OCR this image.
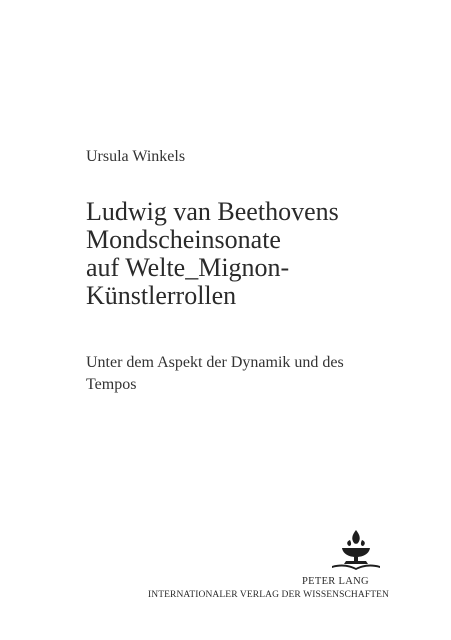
Ursula Winkels
Ludwig van Beethovens
Mondscheinsonate
auf Welte_Mignon-
Künstlerrollen
Unter dem Aspekt der Dynamik und des
Tempos
PETER LANG
INTERNATIONALER VERLAG DER WISSENSCHAFTEN
